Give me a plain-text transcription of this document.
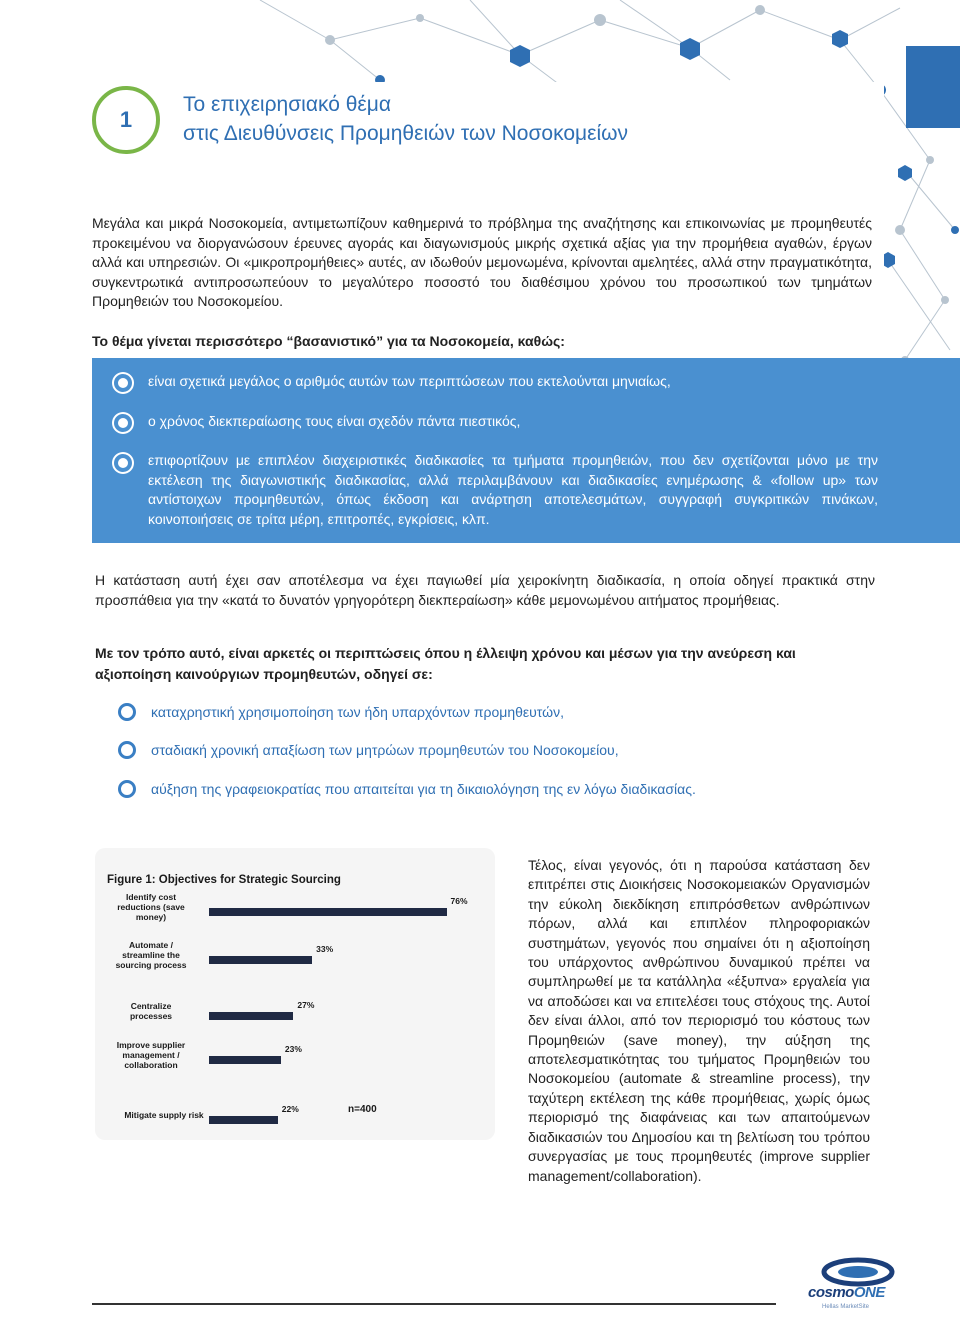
1
Το επιχειρησιακό θέμα
στις Διευθύνσεις Προμηθειών των Νοσοκομείων
Μεγάλα και μικρά Νοσοκομεία, αντιμετωπίζουν καθημερινά το πρόβλημα της αναζήτησης και επικοινωνίας με προμηθευτές προκειμένου να διοργανώσουν έρευνες αγοράς και διαγωνισμούς μικρής σχετικά αξίας για την προμήθεια αγαθών, έργων αλλά και υπηρεσιών. Οι «μικροπρομήθειες» αυτές, αν ιδωθούν μεμονωμένα, κρίνονται αμελητέες, αλλά στην πραγματικότητα, συγκεντρωτικά αντιπροσωπεύουν το μεγαλύτερο ποσοστό του διαθέσιμου χρόνου του προσωπικού των τμημάτων Προμηθειών του Νοσοκομείου.
Το θέμα γίνεται περισσότερο “βασανιστικό” για τα Νοσοκομεία, καθώς:
είναι σχετικά μεγάλος ο αριθμός αυτών των περιπτώσεων που εκτελούνται μηνιαίως,
ο χρόνος διεκπεραίωσης τους είναι σχεδόν πάντα πιεστικός,
επιφορτίζουν με επιπλέον διαχειριστικές διαδικασίες τα τμήματα προμηθειών, που δεν σχετίζονται μόνο με την εκτέλεση της διαγωνιστικής διαδικασίας, αλλά περιλαμβάνουν και διαδικασίες ενημέρωσης & «follow up» των αντίστοιχων προμηθευτών, όπως έκδοση και ανάρτηση αποτελεσμάτων, συγγραφή συγκριτικών πινάκων, κοινοποιήσεις σε τρίτα μέρη, επιτροπές, εγκρίσεις, κλπ.
Η κατάσταση αυτή έχει σαν αποτέλεσμα να έχει παγιωθεί μία χειροκίνητη διαδικασία, η οποία οδηγεί πρακτικά στην προσπάθεια για την «κατά το δυνατόν γρηγορότερη διεκπεραίωση» κάθε μεμονωμένου αιτήματος προμήθειας.
Με τον τρόπο αυτό, είναι αρκετές οι περιπτώσεις όπου η έλλειψη χρόνου και μέσων για την ανεύρεση και αξιοποίηση καινούργιων προμηθευτών, οδηγεί σε:
καταχρηστική χρησιμοποίηση των ήδη υπαρχόντων προμηθευτών,
σταδιακή χρονική απαξίωση των μητρώων προμηθευτών του Νοσοκομείου,
αύξηση της γραφειοκρατίας που απαιτείται για τη δικαιολόγηση της εν λόγω διαδικασίας.
Figure 1: Objectives for Strategic Sourcing
n=400
Identify cost
reductions (save
money)
76%
Automate /
streamline the
sourcing process
33%
Centralize
processes
27%
Improve supplier
management /
collaboration
23%
Mitigate supply risk
22%
Τέλος, είναι γεγονός, ότι η παρούσα κατάσταση δεν επιτρέπει στις Διοικήσεις Νοσοκομειακών Οργανισμών την εύκολη διεκδίκηση επιπρόσθετων ανθρώπινων πόρων, αλλά και επιπλέον πληροφοριακών συστημάτων, γεγονός που σημαίνει ότι η αξιοποίηση του υπάρχοντος ανθρώπινου δυναμικού πρέπει να συμπληρωθεί με τα κατάλληλα «έξυπνα» εργαλεία για να αποδώσει και να επιτελέσει τους στόχους της. Αυτοί δεν είναι άλλοι, από τον περιορισμό του κόστους των Προμηθειών (save money), την αύξηση της αποτελεσματικότητας του τμήματος Προμηθειών του Νοσοκομείου (automate & streamline process), την ταχύτερη εκτέλεση της κάθε προμήθειας, χωρίς όμως περιορισμό της διαφάνειας και των απαιτούμενων διαδικασιών του Δημοσίου και τη βελτίωση του τρόπου συνεργασίας με τους προμηθευτές (improve supplier management/collaboration).
cosmoONE
Hellas MarketSite
